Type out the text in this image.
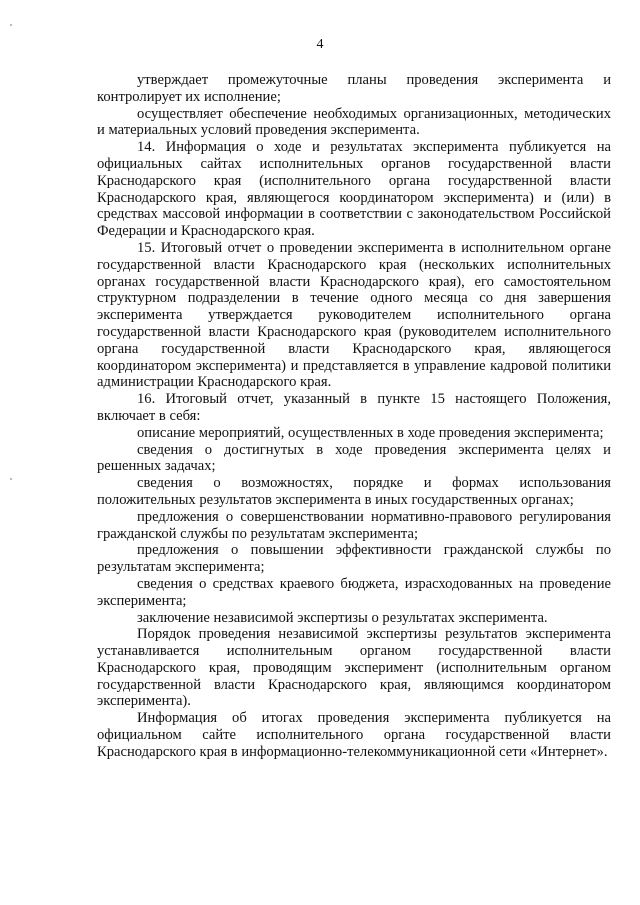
4

утверждает промежуточные планы проведения эксперимента и контролирует их исполнение;

осуществляет обеспечение необходимых организационных, методических и материальных условий проведения эксперимента.

14. Информация о ходе и результатах эксперимента публикуется на официальных сайтах исполнительных органов государственной власти Краснодарского края (исполнительного органа государственной власти Краснодарского края, являющегося координатором эксперимента) и (или) в средствах массовой информации в соответствии с законодательством Российской Федерации и Краснодарского края.

15. Итоговый отчет о проведении эксперимента в исполнительном органе государственной власти Краснодарского края (нескольких исполнительных органах государственной власти Краснодарского края), его самостоятельном структурном подразделении в течение одного месяца со дня завершения эксперимента утверждается руководителем исполнительного органа государственной власти Краснодарского края (руководителем исполнительного органа государственной власти Краснодарского края, являющегося координатором эксперимента) и представляется в управление кадровой политики администрации Краснодарского края.

16. Итоговый отчет, указанный в пункте 15 настоящего Положения, включает в себя:

описание мероприятий, осуществленных в ходе проведения эксперимента;

сведения о достигнутых в ходе проведения эксперимента целях и решенных задачах;

сведения о возможностях, порядке и формах использования положительных результатов эксперимента в иных государственных органах;

предложения о совершенствовании нормативно-правового регулирования гражданской службы по результатам эксперимента;

предложения о повышении эффективности гражданской службы по результатам эксперимента;

сведения о средствах краевого бюджета, израсходованных на проведение эксперимента;

заключение независимой экспертизы о результатах эксперимента.

Порядок проведения независимой экспертизы результатов эксперимента устанавливается исполнительным органом государственной власти Краснодарского края, проводящим эксперимент (исполнительным органом государственной власти Краснодарского края, являющимся координатором эксперимента).

Информация об итогах проведения эксперимента публикуется на официальном сайте исполнительного органа государственной власти Краснодарского края в информационно-телекоммуникационной сети «Интернет».
